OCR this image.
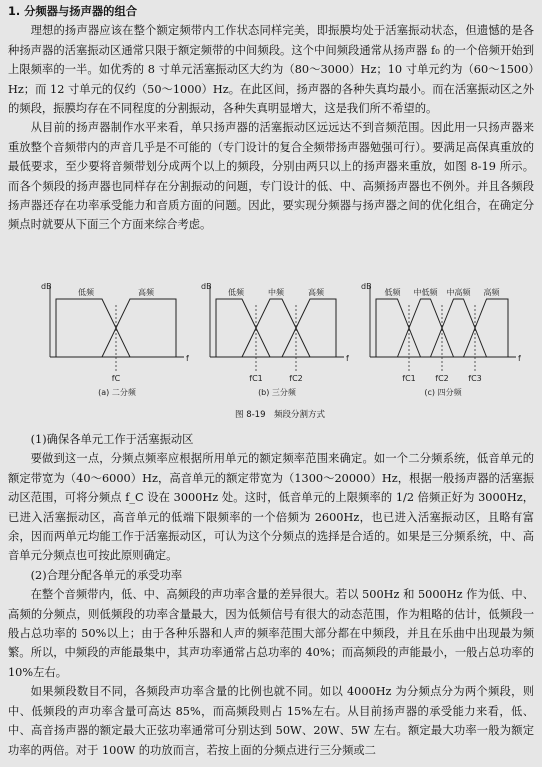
1. 分频器与扬声器的组合

理想的扬声器应该在整个额定频带内工作状态同样完美，即振膜均处于活塞振动状态，但遗憾的是各种扬声器的活塞振动区通常只限于额定频带的中间频段。这个中间频段通常从扬声器 f₀ 的一个倍频开始到上限频率的一半。如优秀的 8 寸单元活塞振动区大约为（80～3000）Hz；10 寸单元约为（60～1500）Hz；而 12 寸单元的仅约（50～1000）Hz。在此区间，扬声器的各种失真均最小。而在活塞振动区之外的频段，振膜均存在不同程度的分割振动，各种失真明显增大，这是我们所不希望的。

从目前的扬声器制作水平来看，单只扬声器的活塞振动区远远达不到音频范围。因此用一只扬声器来重放整个音频带内的声音几乎是不可能的（专门设计的复合全频带扬声器勉强可行）。要满足高保真重放的最低要求，至少要将音频带划分成两个以上的频段，分别由两只以上的扬声器来重放，如图 8-19 所示。而各个频段的扬声器也同样存在分割振动的问题，专门设计的低、中、高频扬声器也不例外。并且各频段扬声器还存在功率承受能力和音质方面的问题。因此，要实现分频器与扬声器之间的优化组合，在确定分频点时就要从下面三个方面来综合考虑。

dB
f
低频	高频
fC
(a) 二分频
dB
f
低频	中频	高频
fC1	fC2
(b) 三分频
dB
f
低频 中低频 中高频 高频
fC1 fC2 fC3
(c) 四分频
图 8-19　频段分割方式

(1)确保各单元工作于活塞振动区

要做到这一点，分频点频率应根据所用单元的额定频率范围来确定。如一个二分频系统，低音单元的额定带宽为（40～6000）Hz，高音单元的额定带宽为（1300～20000）Hz，根据一般扬声器的活塞振动区范围，可将分频点 f_C 设在 3000Hz 处。这时，低音单元的上限频率的 1/2 倍频正好为 3000Hz，已进入活塞振动区，高音单元的低端下限频率的一个倍频为 2600Hz，也已进入活塞振动区，且略有富余，因而两单元均能工作于活塞振动区，可认为这个分频点的选择是合适的。如果是三分频系统，中、高音单元分频点也可按此原则确定。

(2)合理分配各单元的承受功率

在整个音频带内，低、中、高频段的声功率含量的差异很大。若以 500Hz 和 5000Hz 作为低、中、高频的分频点，则低频段的功率含量最大，因为低频信号有很大的动态范围，作为粗略的估计，低频段一般占总功率的 50%以上；由于各种乐器和人声的频率范围大部分都在中频段，并且在乐曲中出现最为频繁。所以，中频段的声能最集中，其声功率通常占总功率的 40%；而高频段的声能最小，一般占总功率的 10%左右。

如果频段数目不同，各频段声功率含量的比例也就不同。如以 4000Hz 为分频点分为两个频段，则中、低频段的声功率含量可高达 85%，而高频段则占 15%左右。从目前扬声器的承受能力来看，低、中、高音扬声器的额定最大正弦功率通常可分别达到 50W、20W、5W 左右。额定最大功率一般为额定功率的两倍。对于 100W 的功放而言，若按上面的分频点进行三分频或二
